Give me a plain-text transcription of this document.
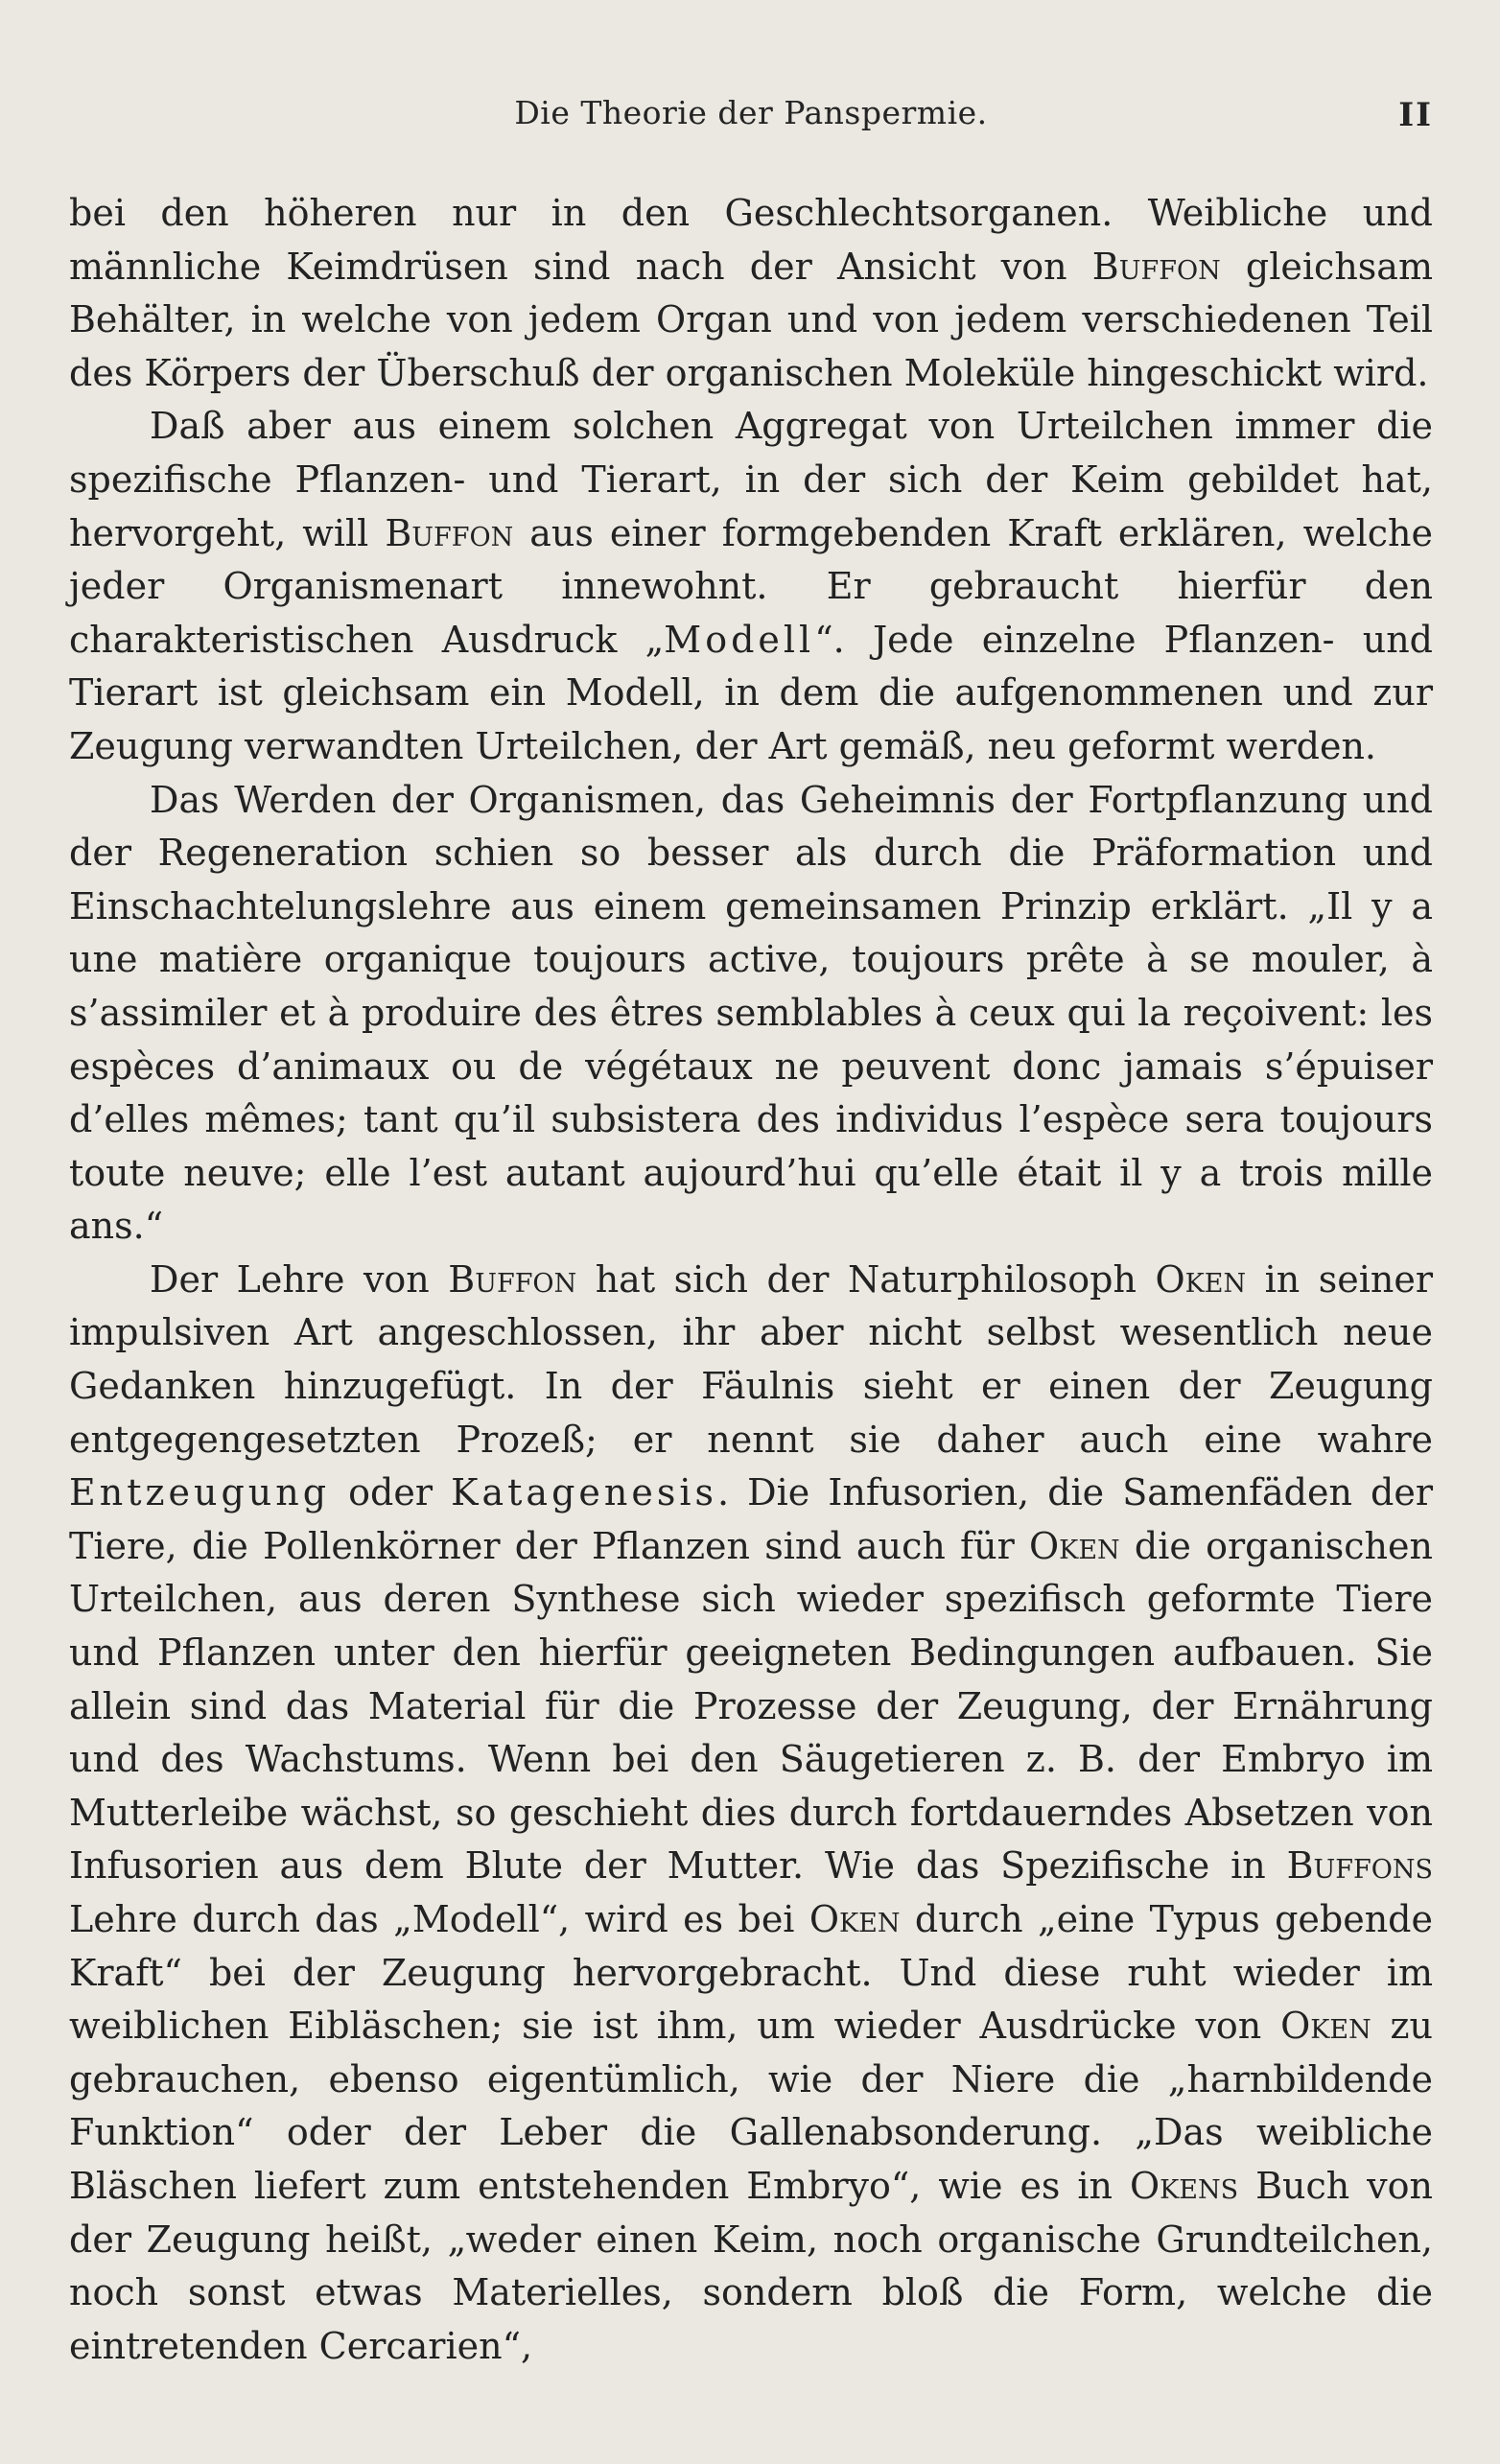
Die Theorie der Panspermie.	II

bei den höheren nur in den Geschlechtsorganen. Weibliche und männliche Keimdrüsen sind nach der Ansicht von Buffon gleichsam Behälter, in welche von jedem Organ und von jedem verschiedenen Teil des Körpers der Überschuß der organischen Moleküle hingeschickt wird.

Daß aber aus einem solchen Aggregat von Urteilchen immer die spezifische Pflanzen- und Tierart, in der sich der Keim gebildet hat, hervorgeht, will Buffon aus einer formgebenden Kraft erklären, welche jeder Organismenart innewohnt. Er gebraucht hierfür den charakteristischen Ausdruck „Modell“. Jede einzelne Pflanzen- und Tierart ist gleichsam ein Modell, in dem die aufgenommenen und zur Zeugung verwandten Urteilchen, der Art gemäß, neu geformt werden.

Das Werden der Organismen, das Geheimnis der Fortpflanzung und der Regeneration schien so besser als durch die Präformation und Einschachtelungslehre aus einem gemeinsamen Prinzip erklärt. „Il y a une matière organique toujours active, toujours prête à se mouler, à s’assimiler et à produire des êtres semblables à ceux qui la reçoivent: les espèces d’animaux ou de végétaux ne peuvent donc jamais s’épuiser d’elles mêmes; tant qu’il subsistera des individus l’espèce sera toujours toute neuve; elle l’est autant aujourd’hui qu’elle était il y a trois mille ans.“

Der Lehre von Buffon hat sich der Naturphilosoph Oken in seiner impulsiven Art angeschlossen, ihr aber nicht selbst wesentlich neue Gedanken hinzugefügt. In der Fäulnis sieht er einen der Zeugung entgegengesetzten Prozeß; er nennt sie daher auch eine wahre Entzeugung oder Katagenesis. Die Infusorien, die Samenfäden der Tiere, die Pollenkörner der Pflanzen sind auch für Oken die organischen Urteilchen, aus deren Synthese sich wieder spezifisch geformte Tiere und Pflanzen unter den hierfür geeigneten Bedingungen aufbauen. Sie allein sind das Material für die Prozesse der Zeugung, der Ernährung und des Wachstums. Wenn bei den Säugetieren z. B. der Embryo im Mutterleibe wächst, so geschieht dies durch fortdauerndes Absetzen von Infusorien aus dem Blute der Mutter. Wie das Spezifische in Buffons Lehre durch das „Modell“, wird es bei Oken durch „eine Typus gebende Kraft“ bei der Zeugung hervorgebracht. Und diese ruht wieder im weiblichen Eibläschen; sie ist ihm, um wieder Ausdrücke von Oken zu gebrauchen, ebenso eigentümlich, wie der Niere die „harnbildende Funktion“ oder der Leber die Gallenabsonderung. „Das weibliche Bläschen liefert zum entstehenden Embryo“, wie es in Okens Buch von der Zeugung heißt, „weder einen Keim, noch organische Grundteilchen, noch sonst etwas Materielles, sondern bloß die Form, welche die eintretenden Cercarien“,
